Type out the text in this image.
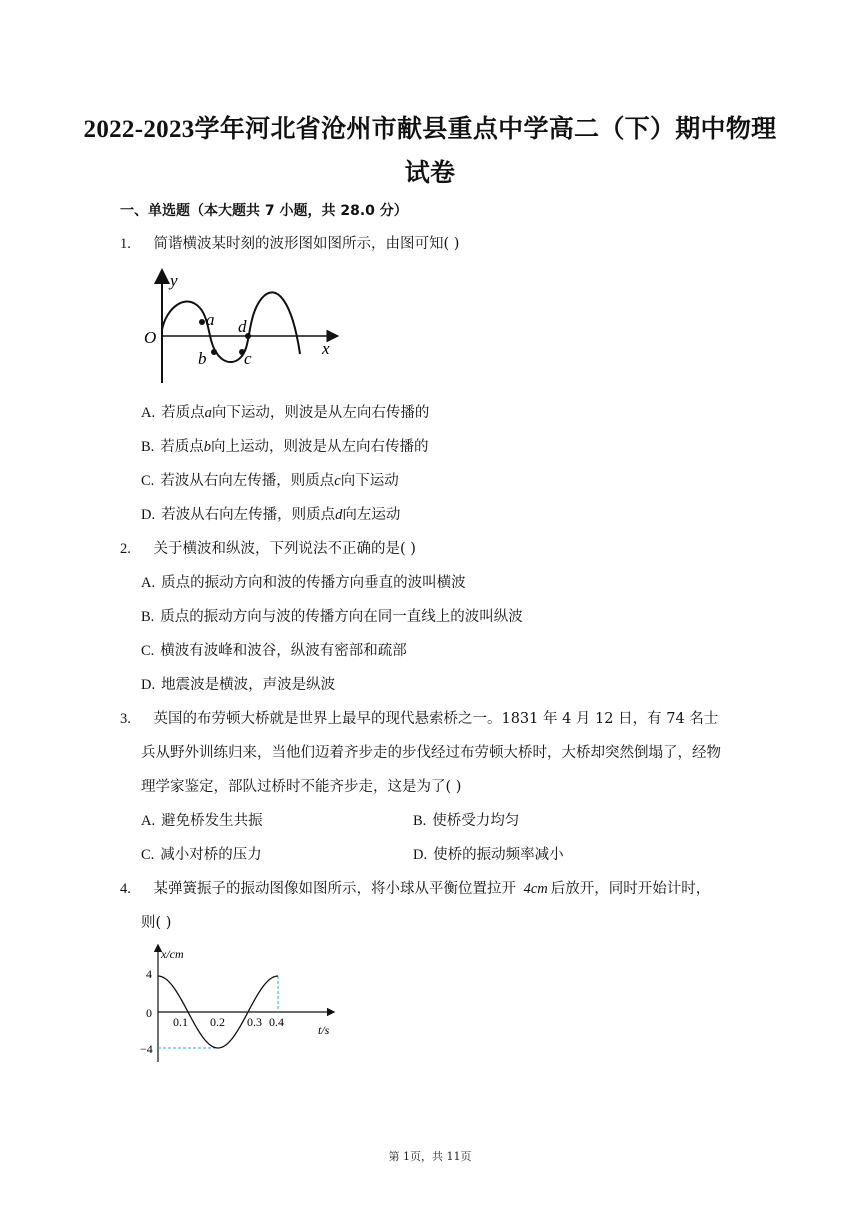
2022-2023学年河北省沧州市献县重点中学高二（下）期中物理
试卷
一、单选题（本大题共 7 小题，共 28.0 分）
1. 简谐横波某时刻的波形图如图所示，由图可知( )
y
x
O
a
b c
d
A. 若质点a向下运动，则波是从左向右传播的
B. 若质点b向上运动，则波是从左向右传播的
C. 若波从右向左传播，则质点c向下运动
D. 若波从右向左传播，则质点d向左运动
2. 关于横波和纵波，下列说法不正确的是( )
A. 质点的振动方向和波的传播方向垂直的波叫横波
B. 质点的振动方向与波的传播方向在同一直线上的波叫纵波
C. 横波有波峰和波谷，纵波有密部和疏部
D. 地震波是横波，声波是纵波
3. 英国的布劳顿大桥就是世界上最早的现代悬索桥之一。1831 年 4 月 12 日，有 74 名士
兵从野外训练归来，当他们迈着齐步走的步伐经过布劳顿大桥时，大桥却突然倒塌了，经物
理学家鉴定，部队过桥时不能齐步走，这是为了( )
A. 避免桥发生共振	B. 使桥受力均匀
C. 减小对桥的压力	D. 使桥的振动频率减小
4. 某弹簧振子的振动图像如图所示，将小球从平衡位置拉开 4cm 后放开，同时开始计时，
则( )
x/cm
t/s
4
0
−4
0.1 0.2 0.3 0.4
第 1页，共 11页
